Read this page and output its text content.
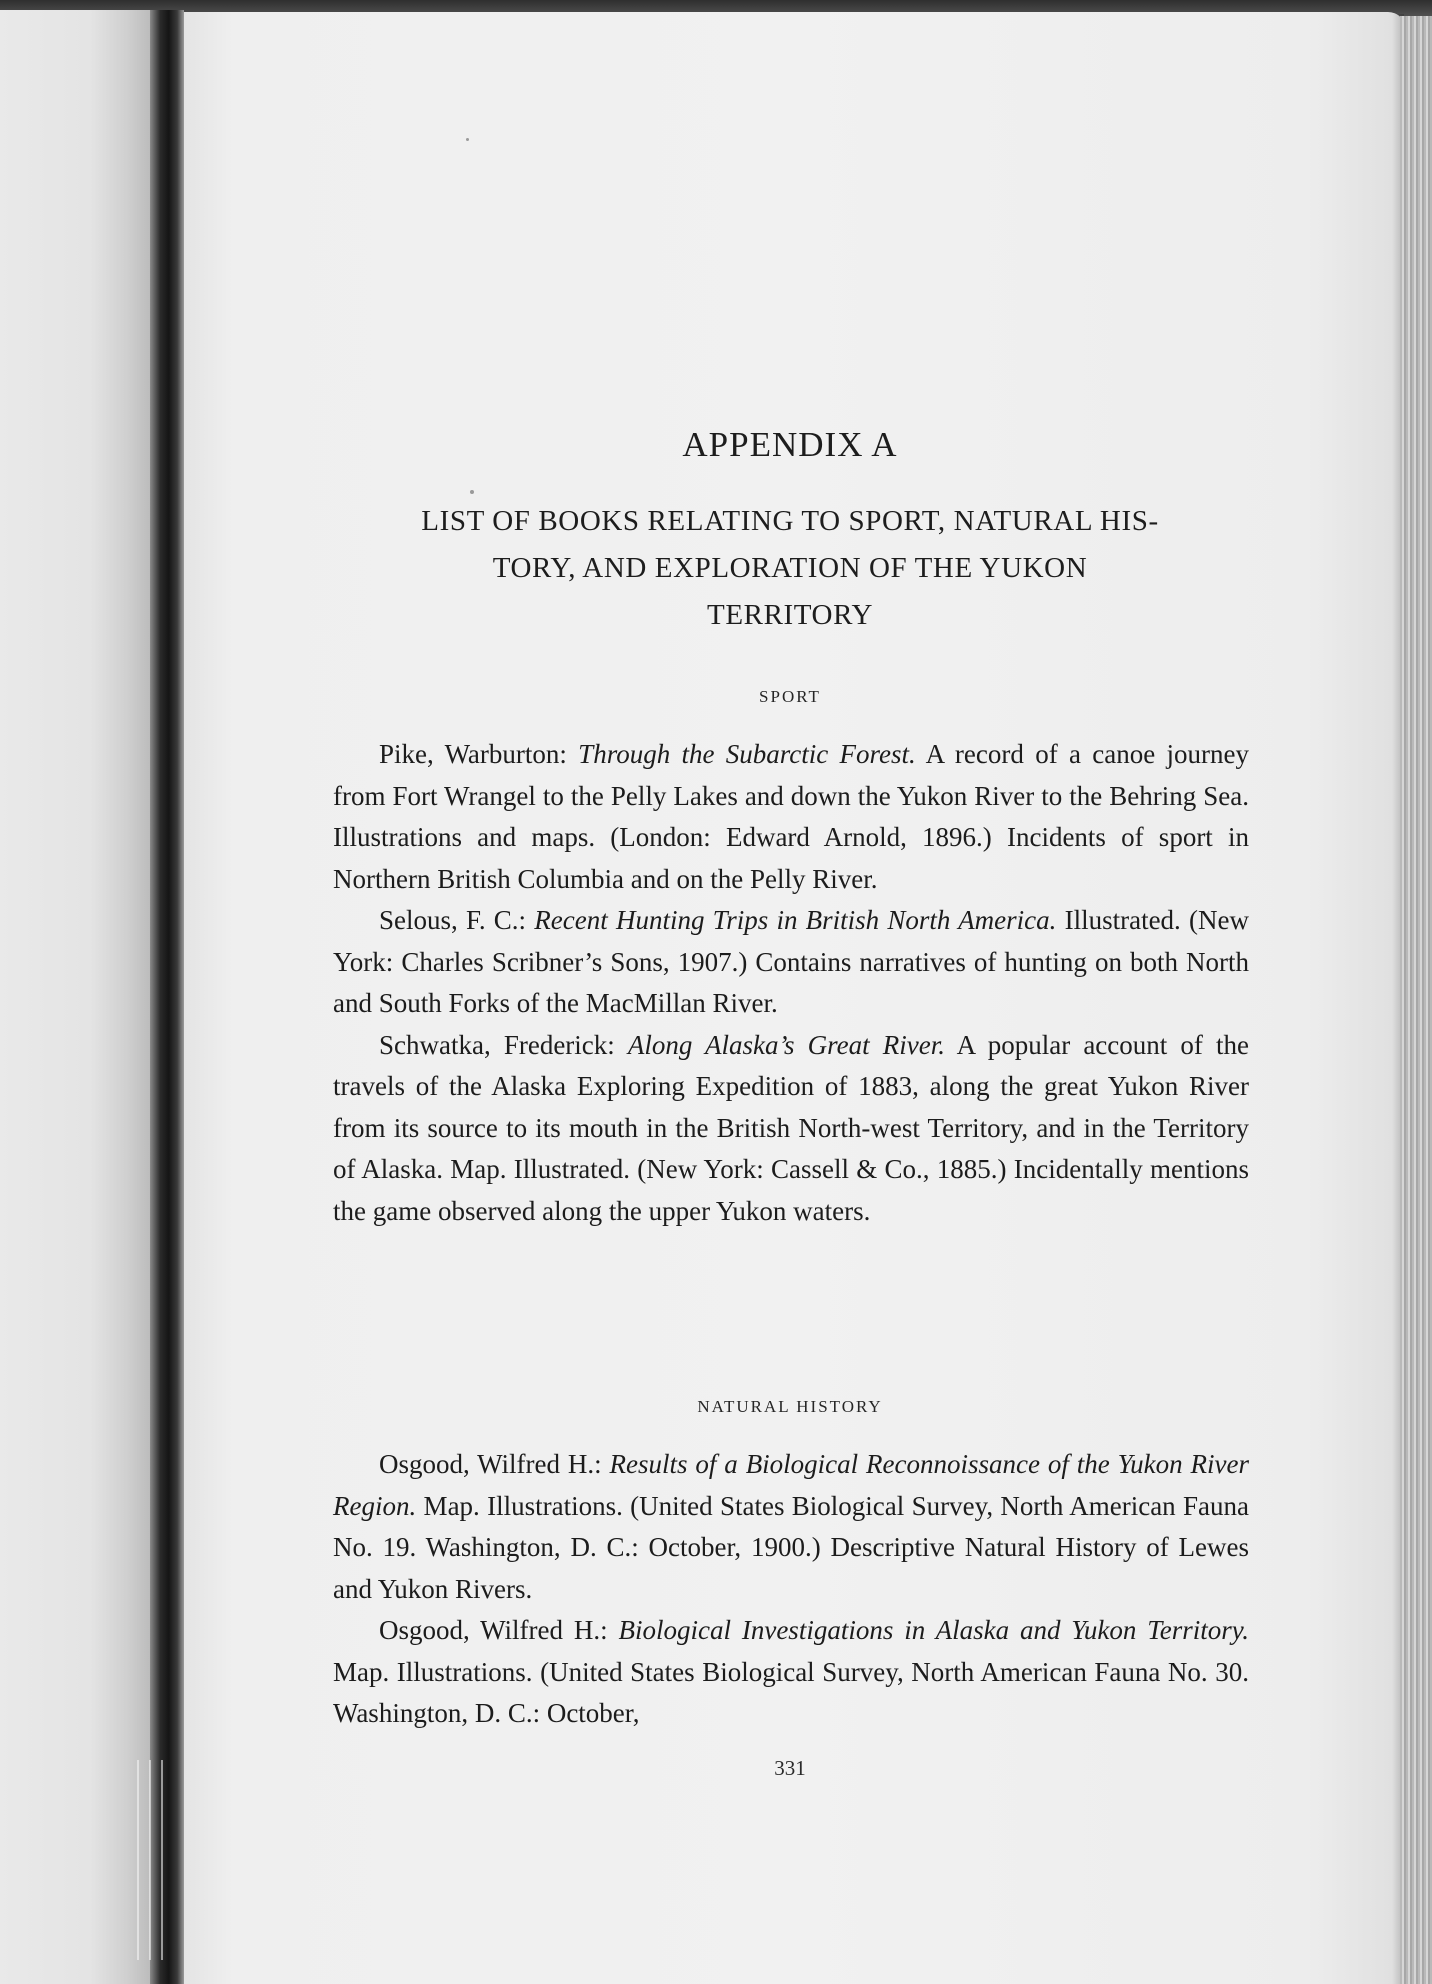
APPENDIX A
LIST OF BOOKS RELATING TO SPORT, NATURAL HIS-
TORY, AND EXPLORATION OF THE YUKON
TERRITORY
SPORT

Pike, Warburton: Through the Subarctic Forest. A record of a canoe journey from Fort Wrangel to the Pelly Lakes and down the Yukon River to the Behring Sea. Illustrations and maps. (London: Edward Arnold, 1896.) Incidents of sport in Northern British Columbia and on the Pelly River.

Selous, F. C.: Recent Hunting Trips in British North America. Illustrated. (New York: Charles Scribner’s Sons, 1907.) Contains narratives of hunting on both North and South Forks of the MacMillan River.

Schwatka, Frederick: Along Alaska’s Great River. A popular account of the travels of the Alaska Exploring Expedition of 1883, along the great Yukon River from its source to its mouth in the British North-west Territory, and in the Territory of Alaska. Map. Illustrated. (New York: Cassell & Co., 1885.) Incidentally mentions the game observed along the upper Yukon waters.

NATURAL HISTORY

Osgood, Wilfred H.: Results of a Biological Reconnoissance of the Yukon River Region. Map. Illustrations. (United States Biological Survey, North American Fauna No. 19. Washington, D. C.: October, 1900.) Descriptive Natural History of Lewes and Yukon Rivers.

Osgood, Wilfred H.: Biological Investigations in Alaska and Yukon Territory. Map. Illustrations. (United States Biological Survey, North American Fauna No. 30. Washington, D. C.: October,

331
